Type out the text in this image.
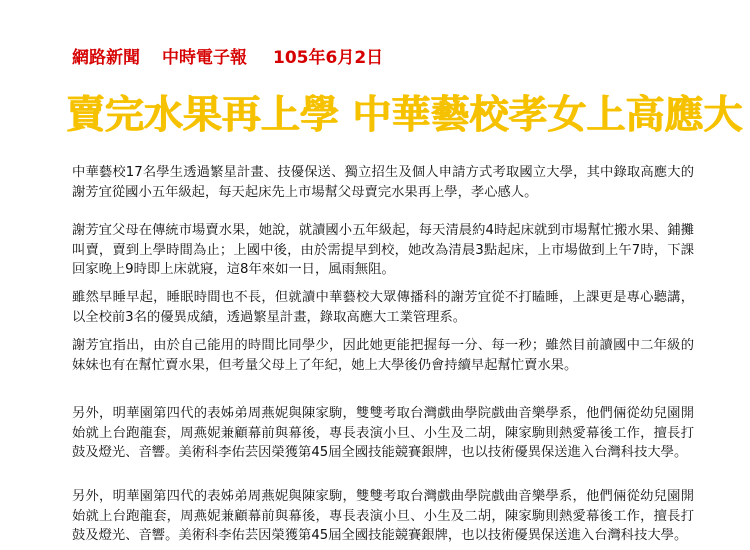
網路新聞 中時電子報 105年6月2日
賣完水果再上學 中華藝校孝女上高應大
中華藝校17名學生透過繁星計畫、技優保送、獨立招生及個人申請方式考取國立大學，其中錄取高應大的謝芳宜從國小五年級起，每天起床先上市場幫父母賣完水果再上學，孝心感人。
謝芳宜父母在傳統市場賣水果，她說，就讀國小五年級起，每天清晨約4時起床就到市場幫忙搬水果、鋪攤叫賣，賣到上學時間為止；上國中後，由於需提早到校，她改為清晨3點起床，上市場做到上午7時，下課回家晚上9時即上床就寢，這8年來如一日，風雨無阻。
雖然早睡早起，睡眠時間也不長，但就讀中華藝校大眾傳播科的謝芳宜從不打瞌睡，上課更是專心聽講，以全校前3名的優異成績，透過繁星計畫，錄取高應大工業管理系。
謝芳宜指出，由於自己能用的時間比同學少，因此她更能把握每一分、每一秒；雖然目前讀國中二年級的妹妹也有在幫忙賣水果，但考量父母上了年紀，她上大學後仍會持續早起幫忙賣水果。
另外，明華園第四代的表姊弟周燕妮與陳家駒，雙雙考取台灣戲曲學院戲曲音樂學系，他們倆從幼兒園開始就上台跑龍套，周燕妮兼顧幕前與幕後，專長表演小旦、小生及二胡，陳家駒則熱愛幕後工作，擅長打鼓及燈光、音響。美術科李佑芸因榮獲第45屆全國技能競賽銀牌，也以技術優異保送進入台灣科技大學。
另外，明華園第四代的表姊弟周燕妮與陳家駒，雙雙考取台灣戲曲學院戲曲音樂學系，他們倆從幼兒園開始就上台跑龍套，周燕妮兼顧幕前與幕後，專長表演小旦、小生及二胡，陳家駒則熱愛幕後工作，擅長打鼓及燈光、音響。美術科李佑芸因榮獲第45屆全國技能競賽銀牌，也以技術優異保送進入台灣科技大學。
